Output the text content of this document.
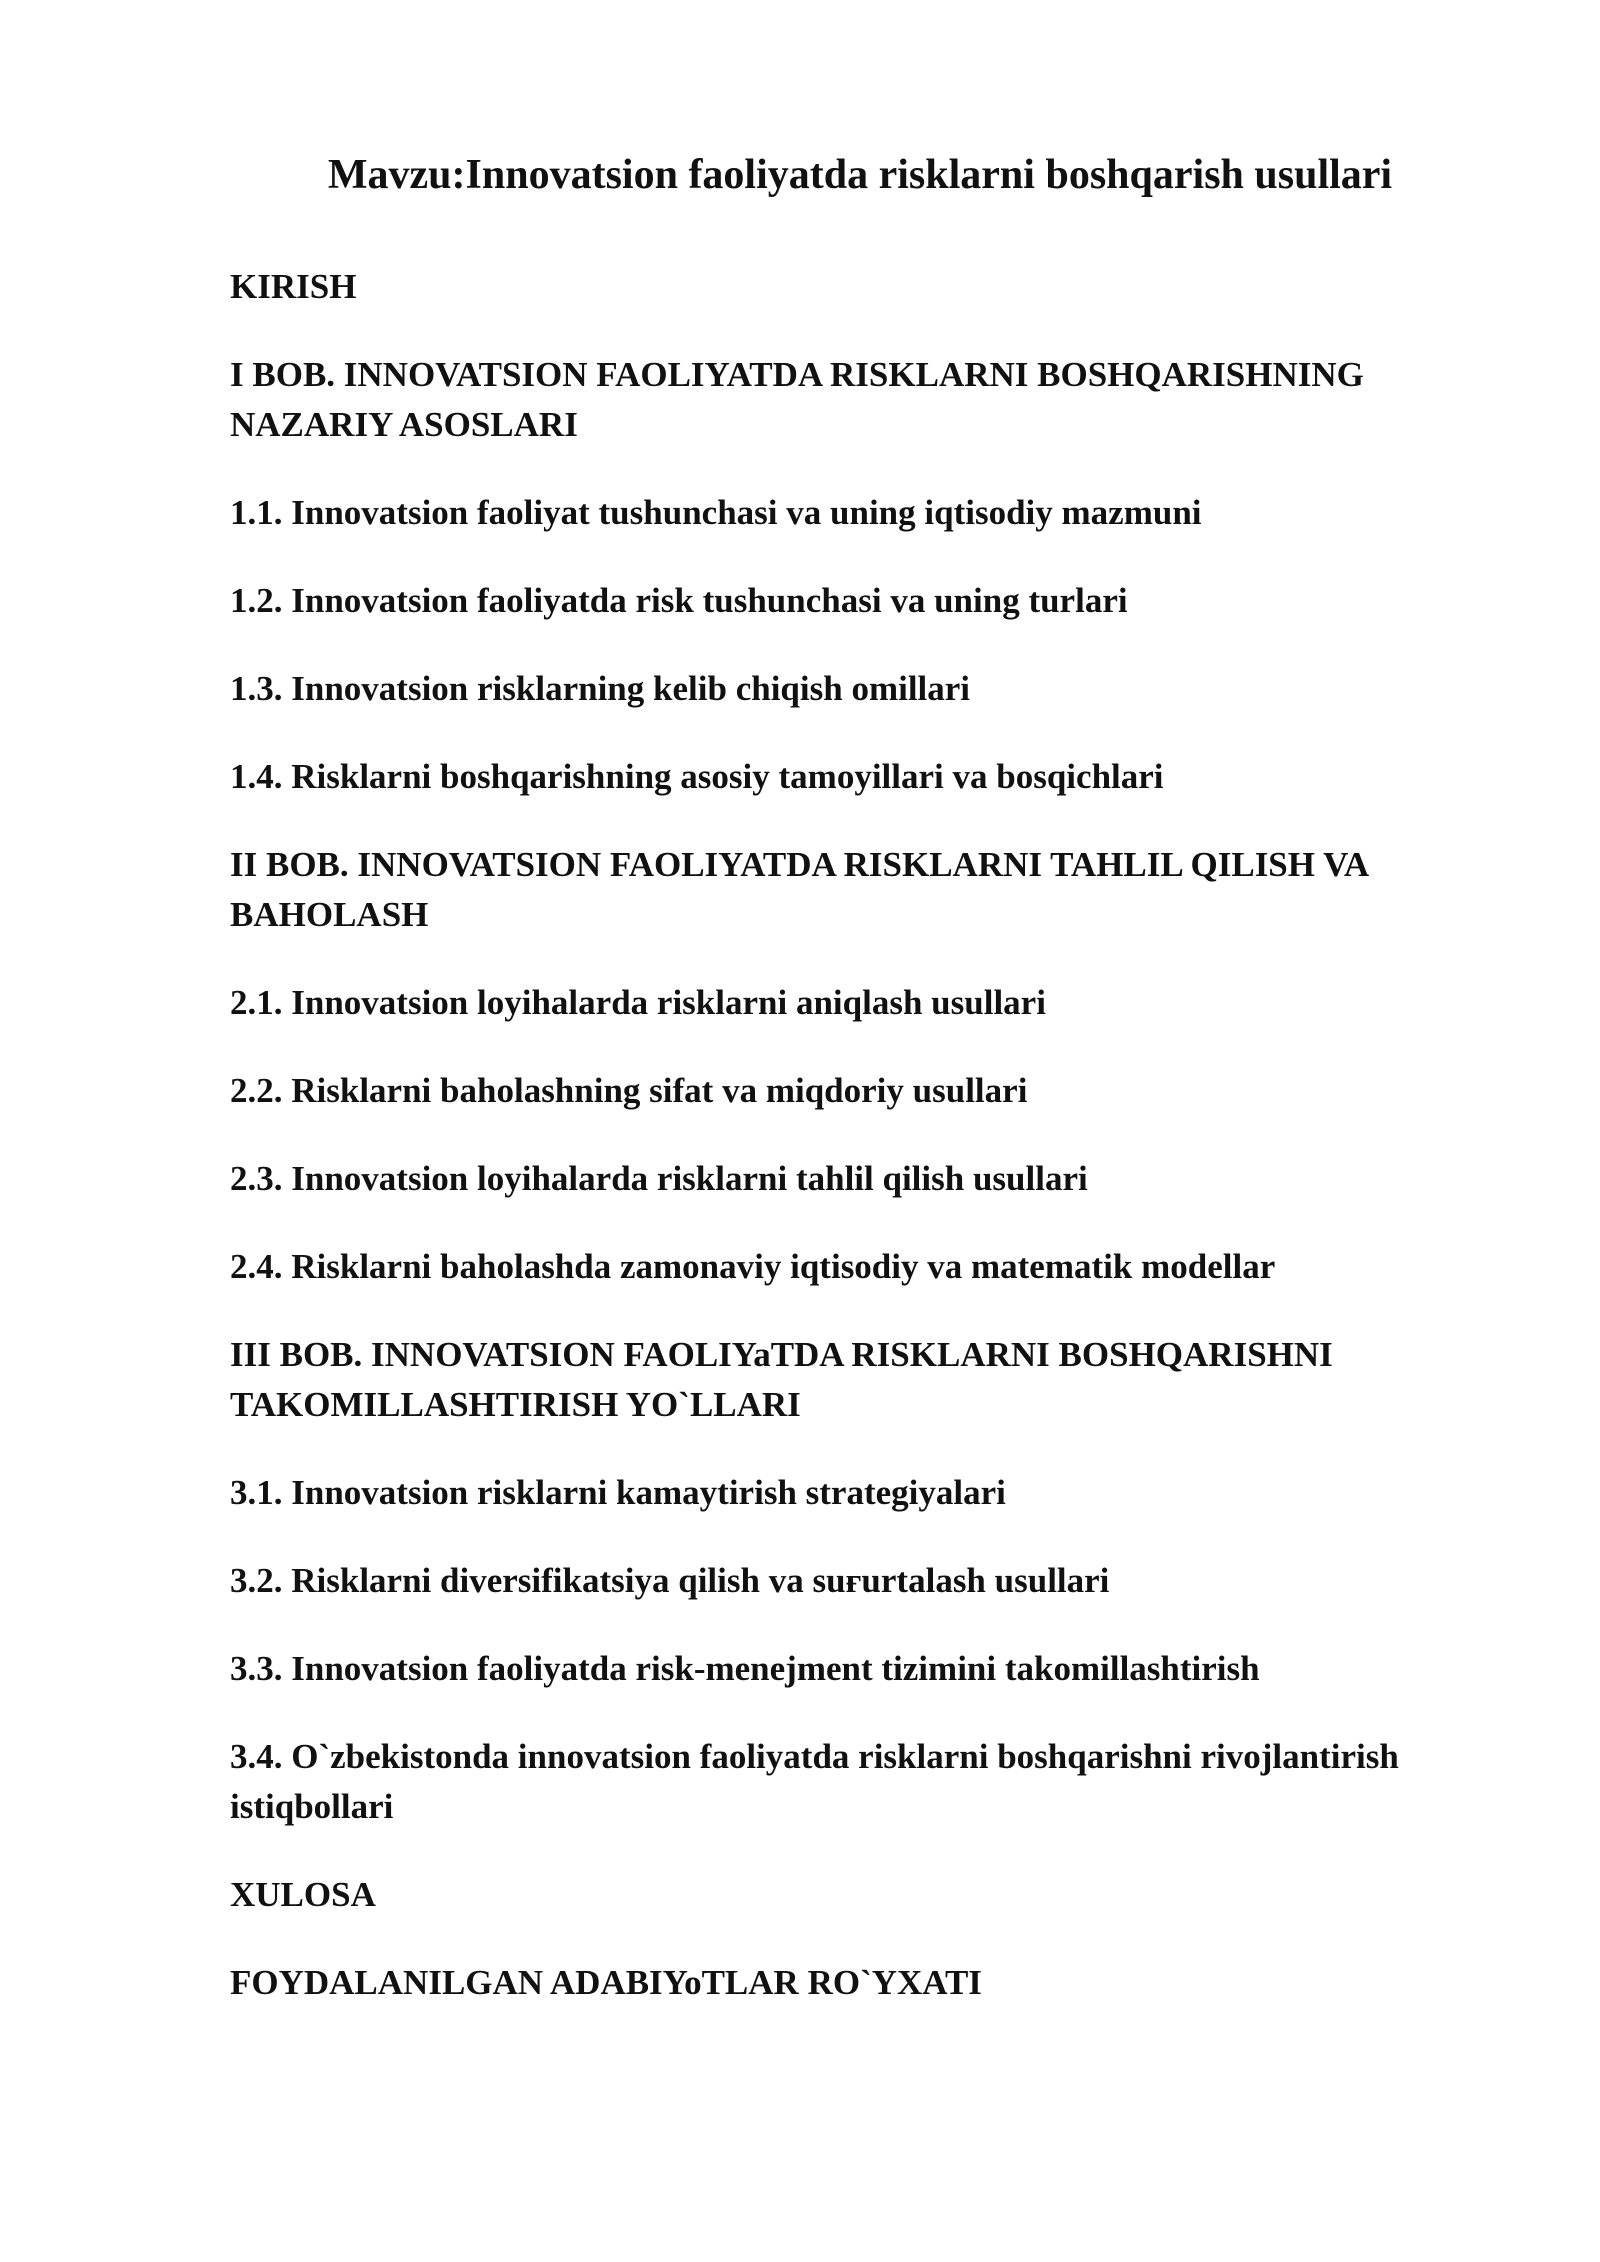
Mavzu:Innovatsion faoliyatda risklarni boshqarish usullari
KIRISH
I BOB. INNOVATSION FAOLIYATDA RISKLARNI BOSHQARISHNING NAZARIY ASOSLARI
1.1. Innovatsion faoliyat tushunchasi va uning iqtisodiy mazmuni
1.2. Innovatsion faoliyatda risk tushunchasi va uning turlari
1.3. Innovatsion risklarning kelib chiqish omillari
1.4. Risklarni boshqarishning asosiy tamoyillari va bosqichlari
II BOB. INNOVATSION FAOLIYATDA RISKLARNI TAHLIL QILISH VA BAHOLASH
2.1. Innovatsion loyihalarda risklarni aniqlash usullari
2.2. Risklarni baholashning sifat va miqdoriy usullari
2.3. Innovatsion loyihalarda risklarni tahlil qilish usullari
2.4. Risklarni baholashda zamonaviy iqtisodiy va matematik modellar
III BOB. INNOVATSION FAOLIYaTDA RISKLARNI BOSHQARISHNI TAKOMILLASHTIRISH YO`LLARI
3.1. Innovatsion risklarni kamaytirish strategiyalari
3.2. Risklarni diversifikatsiya qilish va suғurtalash usullari
3.3. Innovatsion faoliyatda risk-menejment tizimini takomillashtirish
3.4. O`zbekistonda innovatsion faoliyatda risklarni boshqarishni rivojlantirish istiqbollari
XULOSA
FOYDALANILGAN ADABIYoTLAR RO`YXATI
